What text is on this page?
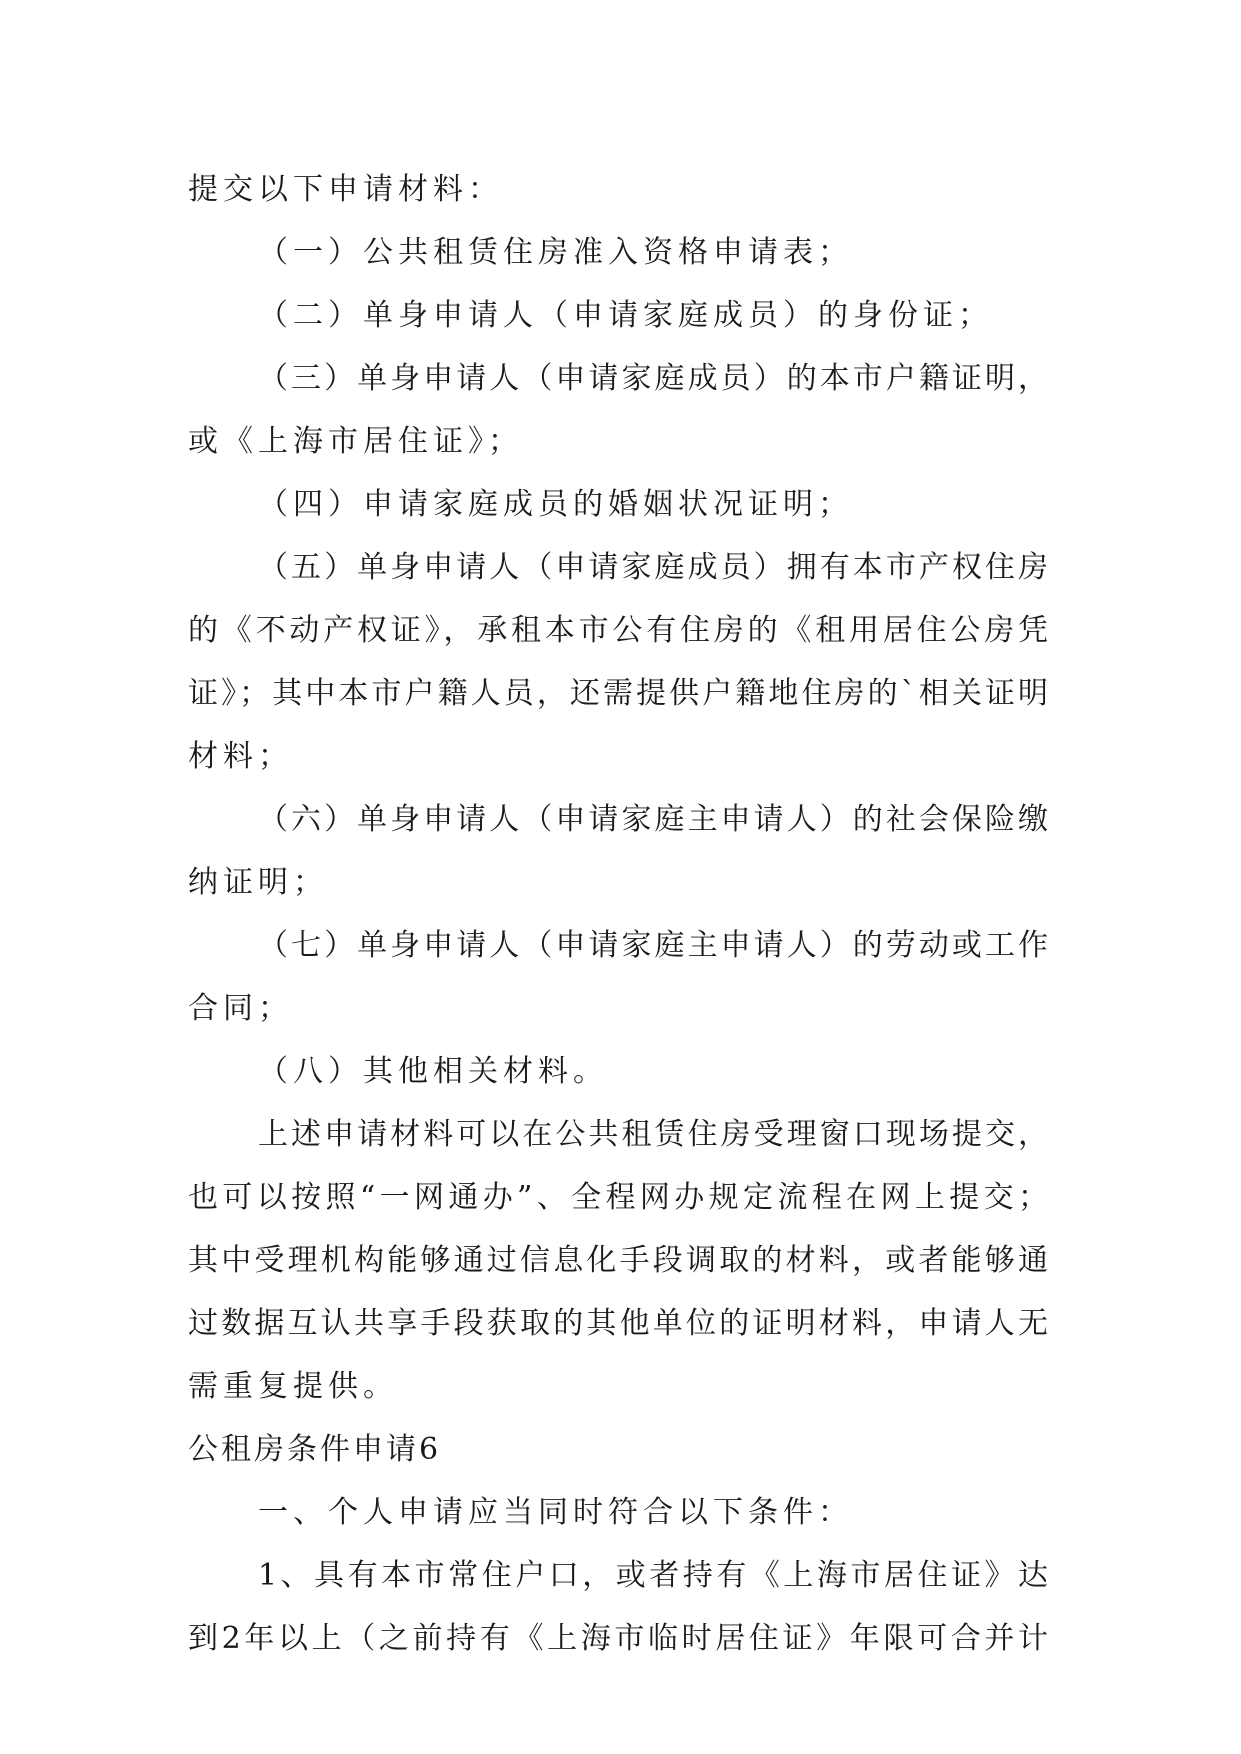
提交以下申请材料：
（一）公共租赁住房准入资格申请表；
（二）单身申请人（申请家庭成员）的身份证；
（三）单身申请人（申请家庭成员）的本市户籍证明，
或《上海市居住证》；
（四）申请家庭成员的婚姻状况证明；
（五）单身申请人（申请家庭成员）拥有本市产权住房
的《不动产权证》，承租本市公有住房的《租用居住公房凭
证》；其中本市户籍人员，还需提供户籍地住房的`相关证明
材料；
（六）单身申请人（申请家庭主申请人）的社会保险缴
纳证明；
（七）单身申请人（申请家庭主申请人）的劳动或工作
合同；
（八）其他相关材料。
上述申请材料可以在公共租赁住房受理窗口现场提交，
也可以按照“一网通办”、全程网办规定流程在网上提交；
其中受理机构能够通过信息化手段调取的材料，或者能够通
过数据互认共享手段获取的其他单位的证明材料，申请人无
需重复提供。
公租房条件申请6
一、个人申请应当同时符合以下条件：
1、具有本市常住户口，或者持有《上海市居住证》达
到2年以上（之前持有《上海市临时居住证》年限可合并计
